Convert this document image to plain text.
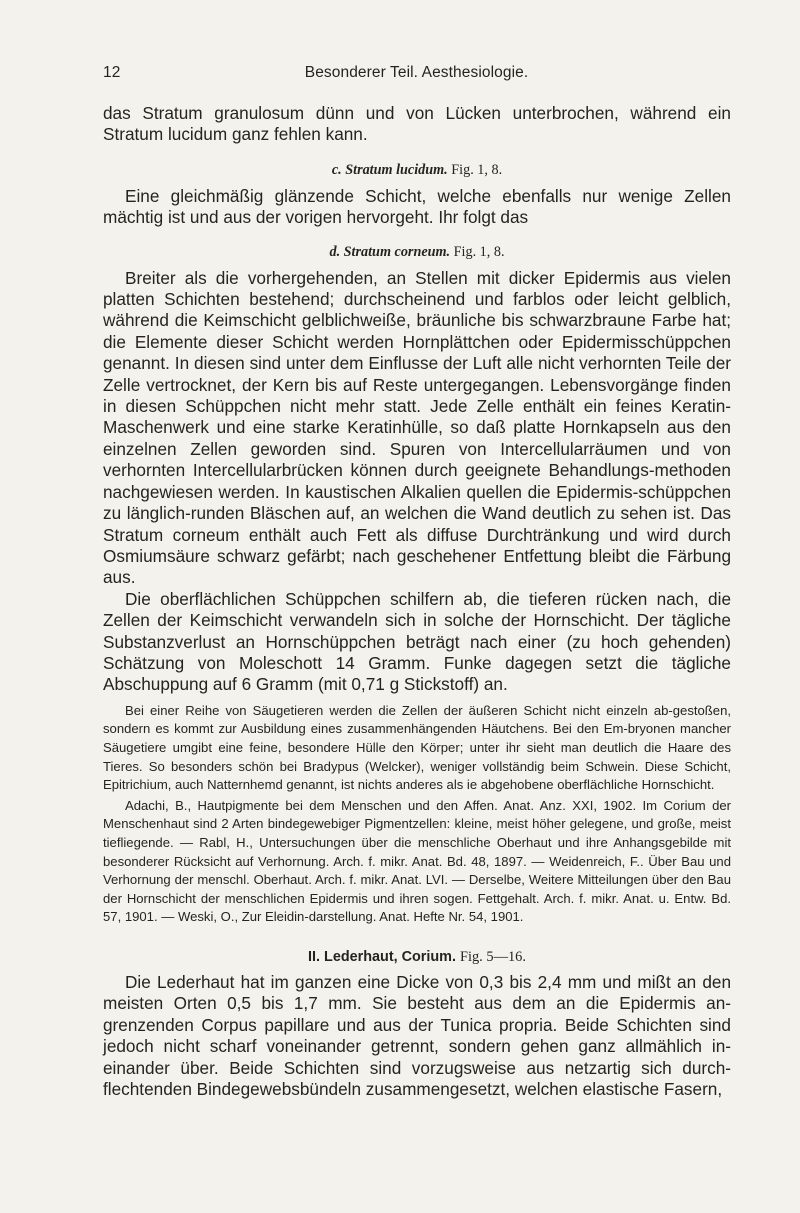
12	Besonderer Teil. Aesthesiologie.

das Stratum granulosum dünn und von Lücken unterbrochen, während ein Stratum lucidum ganz fehlen kann.

c. Stratum lucidum. Fig. 1, 8.

Eine gleichmäßig glänzende Schicht, welche ebenfalls nur wenige Zellen mächtig ist und aus der vorigen hervorgeht. Ihr folgt das

d. Stratum corneum. Fig. 1, 8.

Breiter als die vorhergehenden, an Stellen mit dicker Epidermis aus vielen platten Schichten bestehend; durchscheinend und farblos oder leicht gelblich, während die Keimschicht gelblichweiße, bräunliche bis schwarzbraune Farbe hat; die Elemente dieser Schicht werden Hornplättchen oder Epidermisschüppchen genannt. In diesen sind unter dem Einflusse der Luft alle nicht verhornten Teile der Zelle vertrocknet, der Kern bis auf Reste untergegangen. Lebensvorgänge finden in diesen Schüppchen nicht mehr statt. Jede Zelle enthält ein feines Keratin-Maschenwerk und eine starke Keratinhülle, so daß platte Hornkapseln aus den einzelnen Zellen geworden sind. Spuren von Intercellularräumen und von verhornten Intercellularbrücken können durch geeignete Behandlungs-methoden nachgewiesen werden. In kaustischen Alkalien quellen die Epidermis-schüppchen zu länglich-runden Bläschen auf, an welchen die Wand deutlich zu sehen ist. Das Stratum corneum enthält auch Fett als diffuse Durchtränkung und wird durch Osmiumsäure schwarz gefärbt; nach geschehener Entfettung bleibt die Färbung aus.

Die oberflächlichen Schüppchen schilfern ab, die tieferen rücken nach, die Zellen der Keimschicht verwandeln sich in solche der Hornschicht. Der tägliche Substanzverlust an Hornschüppchen beträgt nach einer (zu hoch gehenden) Schätzung von Moleschott 14 Gramm. Funke dagegen setzt die tägliche Abschuppung auf 6 Gramm (mit 0,71 g Stickstoff) an.

Bei einer Reihe von Säugetieren werden die Zellen der äußeren Schicht nicht einzeln ab-gestoßen, sondern es kommt zur Ausbildung eines zusammenhängenden Häutchens. Bei den Em-bryonen mancher Säugetiere umgibt eine feine, besondere Hülle den Körper; unter ihr sieht man deutlich die Haare des Tieres. So besonders schön bei Bradypus (Welcker), weniger vollständig beim Schwein. Diese Schicht, Epitrichium, auch Natternhemd genannt, ist nichts anderes als ie abgehobene oberflächliche Hornschicht.

Adachi, B., Hautpigmente bei dem Menschen und den Affen. Anat. Anz. XXI, 1902. Im Corium der Menschenhaut sind 2 Arten bindegewebiger Pigmentzellen: kleine, meist höher gelegene, und große, meist tiefliegende. — Rabl, H., Untersuchungen über die menschliche Oberhaut und ihre Anhangsgebilde mit besonderer Rücksicht auf Verhornung. Arch. f. mikr. Anat. Bd. 48, 1897. — Weidenreich, F.. Über Bau und Verhornung der menschl. Oberhaut. Arch. f. mikr. Anat. LVI. — Derselbe, Weitere Mitteilungen über den Bau der Hornschicht der menschlichen Epidermis und ihren sogen. Fettgehalt. Arch. f. mikr. Anat. u. Entw. Bd. 57, 1901. — Weski, O., Zur Eleidin-darstellung. Anat. Hefte Nr. 54, 1901.

II. Lederhaut, Corium. Fig. 5—16.

Die Lederhaut hat im ganzen eine Dicke von 0,3 bis 2,4 mm und mißt an den meisten Orten 0,5 bis 1,7 mm. Sie besteht aus dem an die Epidermis an-grenzenden Corpus papillare und aus der Tunica propria. Beide Schichten sind jedoch nicht scharf voneinander getrennt, sondern gehen ganz allmählich in-einander über. Beide Schichten sind vorzugsweise aus netzartig sich durch-flechtenden Bindegewebsbündeln zusammengesetzt, welchen elastische Fasern,
